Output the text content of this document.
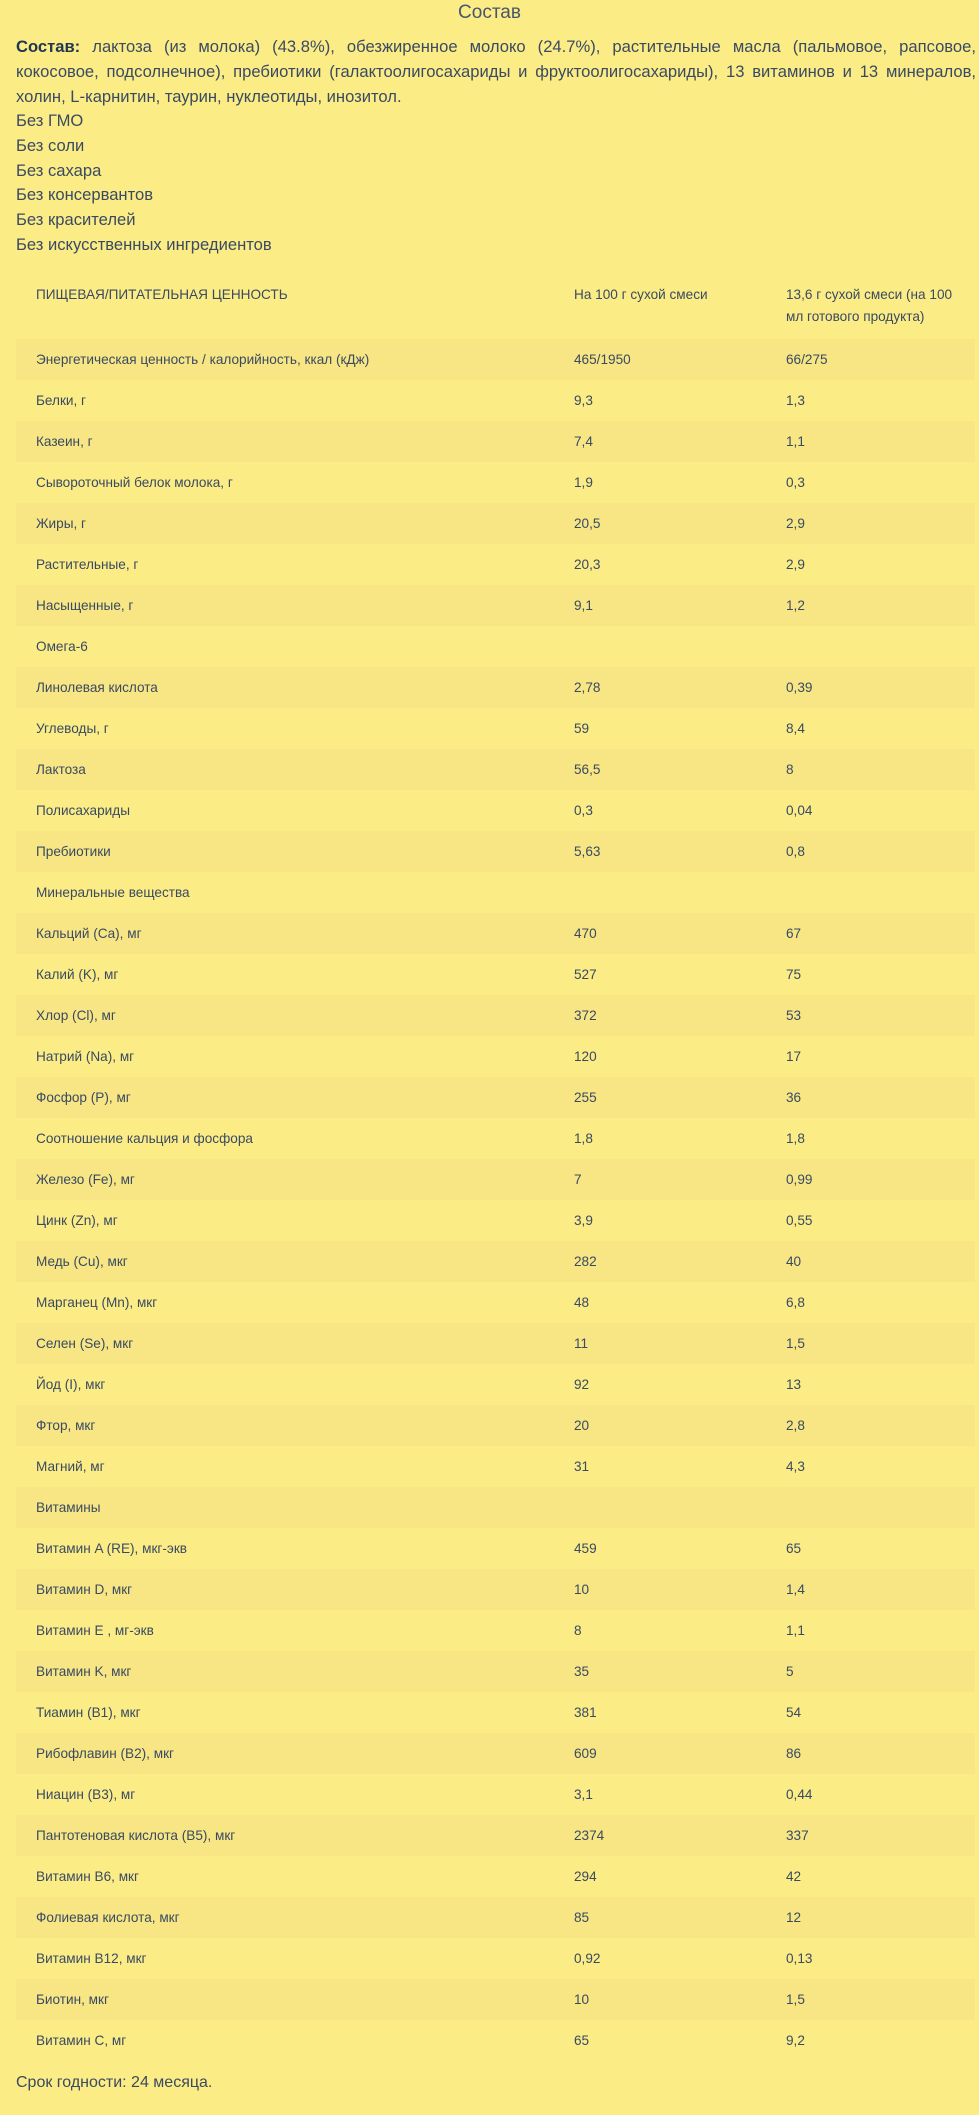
Состав
Состав: лактоза (из молока) (43.8%), обезжиренное молоко (24.7%), растительные масла (пальмовое, рапсовое, кокосовое, подсолнечное), пребиотики (галактоолигосахариды и фруктоолигосахариды), 13 витаминов и 13 минералов, холин, L-карнитин, таурин, нуклеотиды, инозитол.
Без ГМО
Без соли
Без сахара
Без консервантов
Без красителей
Без искусственных ингредиентов
ПИЩЕВАЯ/ПИТАТЕЛЬНАЯ ЦЕННОСТЬ	На 100 г сухой смеси	13,6 г сухой смеси (на 100 мл готового продукта)
Энергетическая ценность / калорийность, ккал (кДж)	465/1950	66/275
Белки, г	9,3	1,3
Казеин, г	7,4	1,1
Сывороточный белок молока, г	1,9	0,3
Жиры, г	20,5	2,9
Растительные, г	20,3	2,9
Насыщенные, г	9,1	1,2
Омега-6
Линолевая кислота	2,78	0,39
Углеводы, г	59	8,4
Лактоза	56,5	8
Полисахариды	0,3	0,04
Пребиотики	5,63	0,8
Минеральные вещества
Кальций (Ca), мг	470	67
Калий (K), мг	527	75
Хлор (Cl), мг	372	53
Натрий (Na), мг	120	17
Фосфор (P), мг	255	36
Соотношение кальция и фосфора	1,8	1,8
Железо (Fe), мг	7	0,99
Цинк (Zn), мг	3,9	0,55
Медь (Cu), мкг	282	40
Марганец (Mn), мкг	48	6,8
Селен (Se), мкг	11	1,5
Йод (I), мкг	92	13
Фтор, мкг	20	2,8
Магний, мг	31	4,3
Витамины
Витамин A (RE), мкг-экв	459	65
Витамин D, мкг	10	1,4
Витамин E , мг-экв	8	1,1
Витамин K, мкг	35	5
Тиамин (B1), мкг	381	54
Рибофлавин (B2), мкг	609	86
Ниацин (B3), мг	3,1	0,44
Пантотеновая кислота (B5), мкг	2374	337
Витамин B6, мкг	294	42
Фолиевая кислота, мкг	85	12
Витамин B12, мкг	0,92	0,13
Биотин, мкг	10	1,5
Витамин C, мг	65	9,2
Срок годности: 24 месяца.
